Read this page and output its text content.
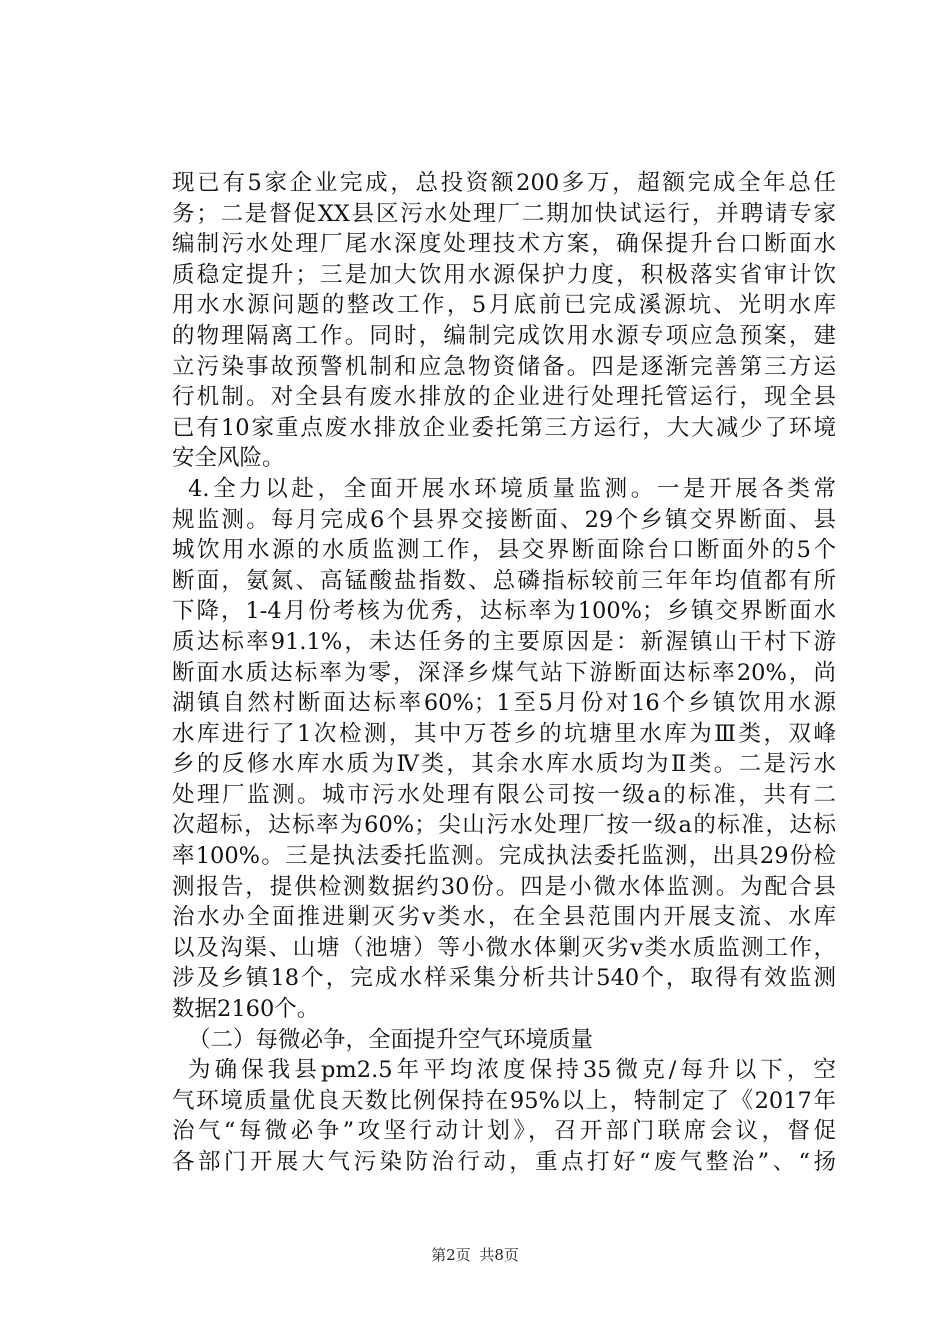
现已有5家企业完成，总投资额200多万，超额完成全年总任
务；二是督促XX县区污水处理厂二期加快试运行，并聘请专家
编制污水处理厂尾水深度处理技术方案，确保提升台口断面水
质稳定提升；三是加大饮用水源保护力度，积极落实省审计饮
用水水源问题的整改工作，5月底前已完成溪源坑、光明水库
的物理隔离工作。同时，编制完成饮用水源专项应急预案，建
立污染事故预警机制和应急物资储备。四是逐渐完善第三方运
行机制。对全县有废水排放的企业进行处理托管运行，现全县
已有10家重点废水排放企业委托第三方运行，大大减少了环境
安全风险。
4.全力以赴，全面开展水环境质量监测。一是开展各类常
规监测。每月完成6个县界交接断面、29个乡镇交界断面、县
城饮用水源的水质监测工作，县交界断面除台口断面外的5个
断面，氨氮、高锰酸盐指数、总磷指标较前三年年均值都有所
下降，1-4月份考核为优秀，达标率为100%；乡镇交界断面水
质达标率91.1%，未达任务的主要原因是：新渥镇山干村下游
断面水质达标率为零，深泽乡煤气站下游断面达标率20%，尚
湖镇自然村断面达标率60%；1至5月份对16个乡镇饮用水源
水库进行了1次检测，其中万苍乡的坑塘里水库为Ⅲ类，双峰
乡的反修水库水质为Ⅳ类，其余水库水质均为Ⅱ类。二是污水
处理厂监测。城市污水处理有限公司按一级a的标准，共有二
次超标，达标率为60%；尖山污水处理厂按一级a的标准，达标
率100%。三是执法委托监测。完成执法委托监测，出具29份检
测报告，提供检测数据约30份。四是小微水体监测。为配合县
治水办全面推进剿灭劣v类水，在全县范围内开展支流、水库
以及沟渠、山塘（池塘）等小微水体剿灭劣v类水质监测工作，
涉及乡镇18个，完成水样采集分析共计540个，取得有效监测
数据2160个。
（二）每微必争，全面提升空气环境质量
为确保我县pm2.5年平均浓度保持35微克/每升以下，空
气环境质量优良天数比例保持在95%以上，特制定了《2017年
治气“每微必争”攻坚行动计划》，召开部门联席会议，督促
各部门开展大气污染防治行动，重点打好“废气整治”、“扬
第2页 共8页
